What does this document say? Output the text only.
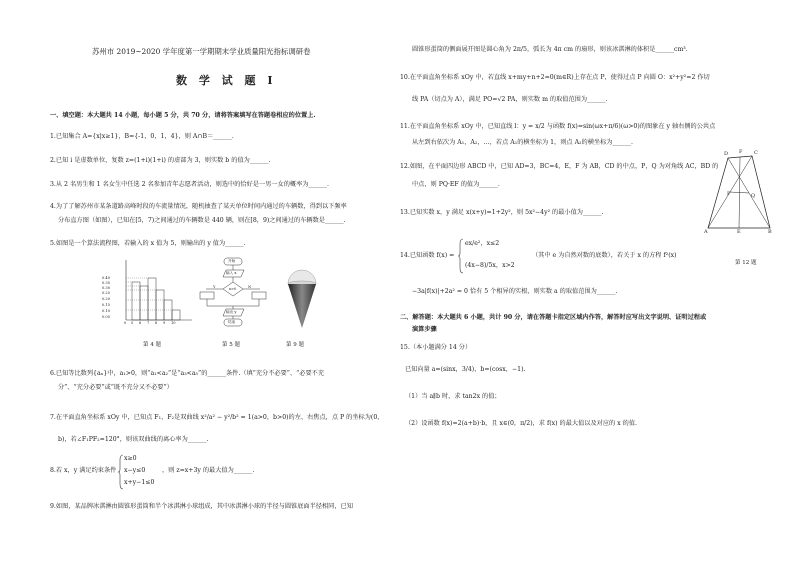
苏州市 2019~2020 学年度第一学期期末学业质量阳光指标调研卷
数 学 试 题 Ⅰ
一、填空题：本大题共 14 小题，每小题 5 分，共 70 分，请将答案填写在答题卷相应的位置上.
1.已知集合 A={x|x≥1}，B={-1，0，1，4}，则 A∩B＝______.
2.已知 i 是虚数单位，复数 z=(1+i)(1+i) 的虚部为 3，则实数 b 的值为______.
3.从 2 名男生和 1 名女生中任选 2 名参加青年志愿者活动，则选中的恰好是一男一女的概率为______.
4.为了了解苏州市某条道路高峰时段的车流量情况，随机抽查了某天单位时间内通过的车辆数，得到以下频率
分布直方图（如图），已知在[5，7)之间通过的车辆数是 440 辆，则在[8，9)之间通过的车辆数是______.
5.如图是一个算法流程图，若输入的 x 值为 5，则输出的 y 值为______.
0.40
0.35
0.30
0.25
0.20
0.15
0.10
0.05
0 5 6 7 8 9 10
开始
输入 x
x>0
Y	N
输出 y
结束
第 4 题	第 5 题	第 9 题
6.已知等比数列{aₙ}中，a₁>0，则“a₁<a₂”是“a₃<a₅”的______条件.（填“充分不必要”、“必要不充
分”、“充分必要”或“既不充分又不必要”）
7.在平面直角坐标系 xOy 中，已知点 F₁，F₂是双曲线 x²/a² − y²/b² = 1(a>0，b>0)的左、右焦点，点 P 的坐标为(0，
b)，若∠F₁PF₂=120°，则该双曲线的离心率为______.
8.若 x，y 满足约束条件
x≥0
x−y≤0
x+y−1≤0
，则 z=x+3y 的最大值为______.
9.如图，某品牌冰淇淋由圆锥形蛋筒和半个冰淇淋小球组成，其中冰淇淋小球的半径与圆锥底面半径相同，已知
圆锥形蛋筒的侧面展开图是圆心角为 2π/5，弧长为 4π cm 的扇形，则该冰淇淋的体积是______cm³.
10.在平面直角坐标系 xOy 中，若直线 x+my+n+2=0(m∈R)上存在点 P，使得过点 P 向圆 O：x²+y²=2 作切
线 PA（切点为 A），满足 PO=√2 PA，则实数 m 的取值范围为______.
11.在平面直角坐标系 xOy 中，已知直线 l：y = x/2 与函数 f(x)=sin(ωx+π/6)(ω>0)的图象在 y 轴右侧的公共点
从左到右依次为 A₁，A₂，…，若点 A₁的横坐标为 1，则点 A₂的横坐标为______.
12.如图，在平面四边形 ABCD 中，已知 AD=3，BC=4，E，F 为 AB，CD 的中点，P，Q 为对角线 AC，BD 的
中点，则 PQ·EF 的值为______.
13.已知实数 x，y 满足 x(x+y)=1+2y²，则 5x²−4y² 的最小值为______.
14.已知函数 f(x) =
ex/e²，x≤2
(4x−8)/5x，x>2
（其中 e 为自然对数的底数），若关于 x 的方程 f²(x)
−3a|f(x)|+2a² = 0 恰有 5 个相异的实根，则实数 a 的取值范围为______.
D	C
F
P	Q
A	E	B
第 12 题
二、解答题：本大题共 6 小题，共计 90 分，请在答题卡指定区域内作答，解答时应写出文字说明、证明过程或
演算步骤
15.（本小题满分 14 分）
已知向量 a=(sinx，3/4)，b=(cosx，−1).
（1）当 a∥b 时，求 tan2x 的值；
（2）设函数 f(x)=2(a+b)·b，且 x∈(0，π/2)，求 f(x) 的最大值以及对应的 x 的值.
